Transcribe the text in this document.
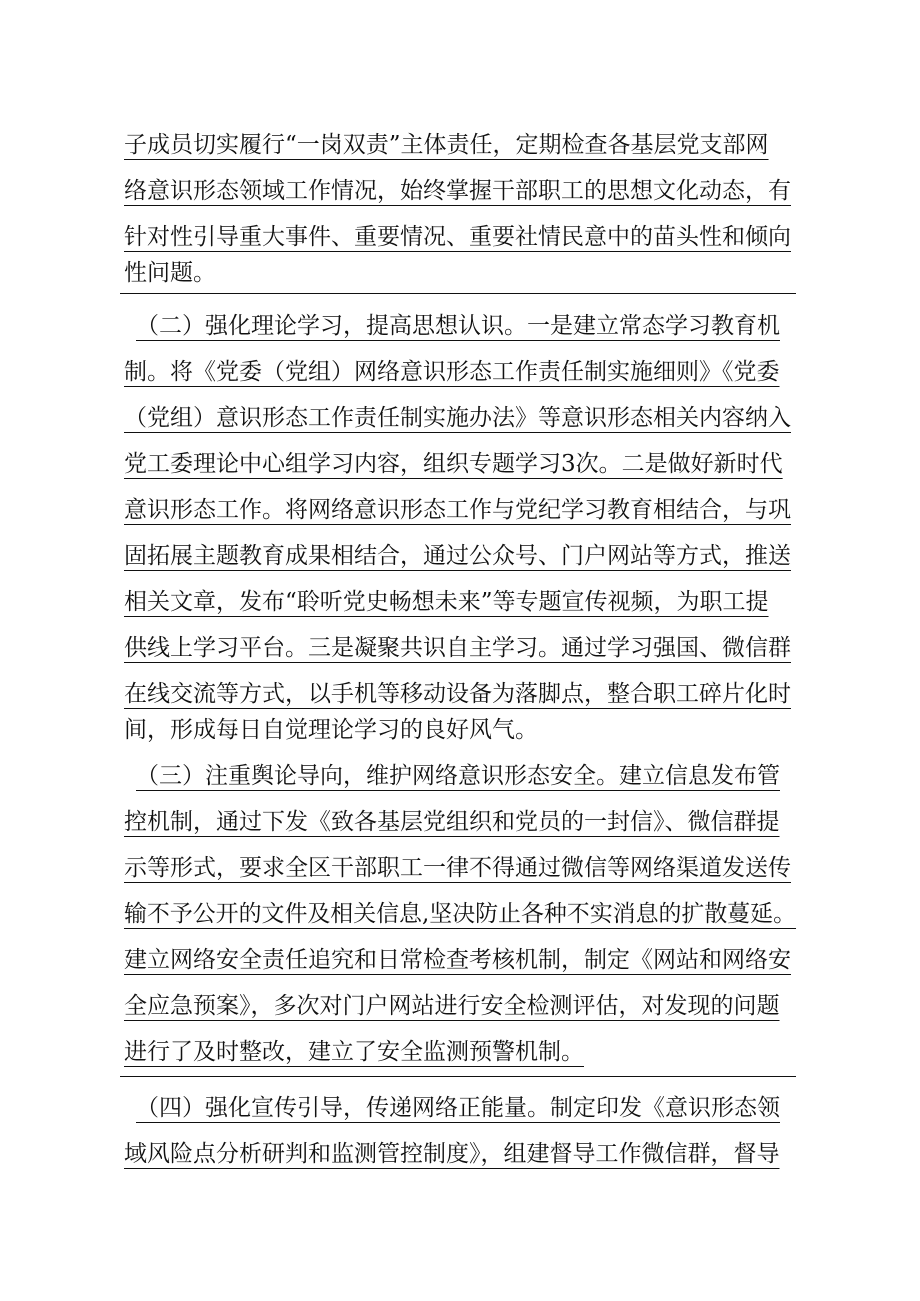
子成员切实履行“一岗双责”主体责任，定期检查各基层党支部网
络意识形态领域工作情况，始终掌握干部职工的思想文化动态，有
针对性引导重大事件、重要情况、重要社情民意中的苗头性和倾向
性问题。
（二）强化理论学习，提高思想认识。一是建立常态学习教育机
制。将《党委（党组）网络意识形态工作责任制实施细则》《党委
（党组）意识形态工作责任制实施办法》等意识形态相关内容纳入
党工委理论中心组学习内容，组织专题学习3次。二是做好新时代
意识形态工作。将网络意识形态工作与党纪学习教育相结合，与巩
固拓展主题教育成果相结合，通过公众号、门户网站等方式，推送
相关文章，发布“聆听党史畅想未来”等专题宣传视频，为职工提
供线上学习平台。三是凝聚共识自主学习。通过学习强国、微信群
在线交流等方式，以手机等移动设备为落脚点，整合职工碎片化时
间，形成每日自觉理论学习的良好风气。
（三）注重舆论导向，维护网络意识形态安全。建立信息发布管
控机制，通过下发《致各基层党组织和党员的一封信》、微信群提
示等形式，要求全区干部职工一律不得通过微信等网络渠道发送传
输不予公开的文件及相关信息,坚决防止各种不实消息的扩散蔓延。
建立网络安全责任追究和日常检查考核机制，制定《网站和网络安
全应急预案》，多次对门户网站进行安全检测评估，对发现的问题
进行了及时整改，建立了安全监测预警机制。
（四）强化宣传引导，传递网络正能量。制定印发《意识形态领
域风险点分析研判和监测管控制度》，组建督导工作微信群，督导
